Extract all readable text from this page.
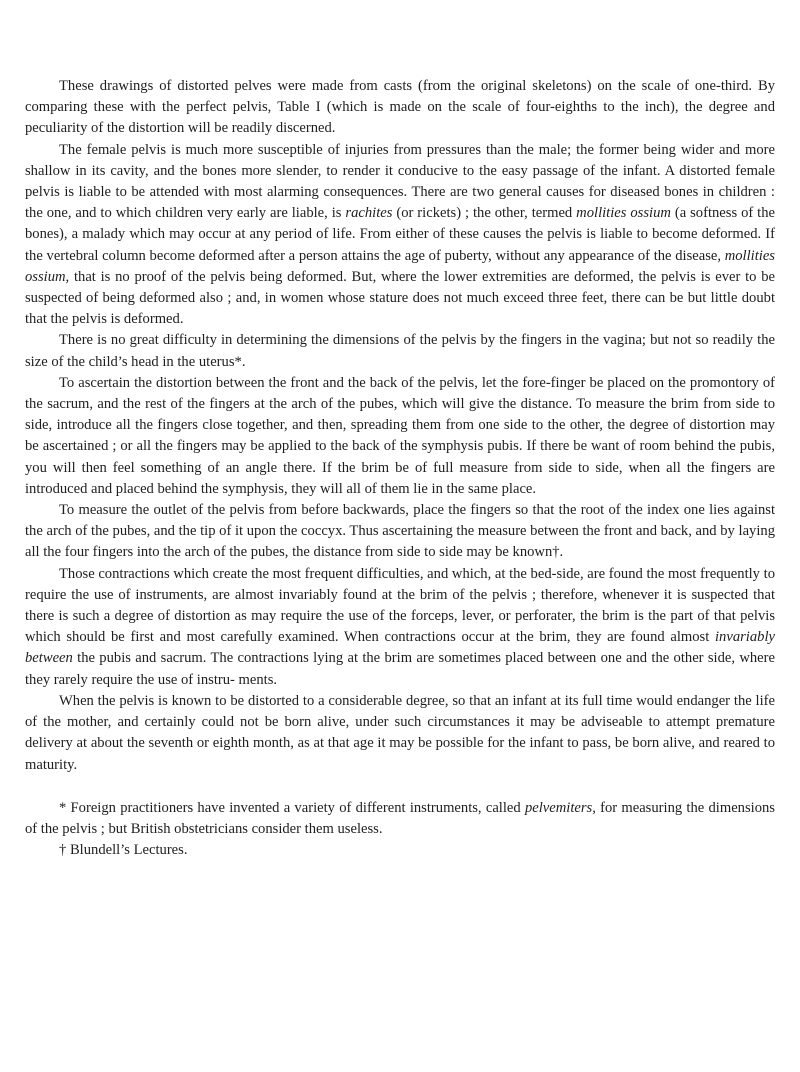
These drawings of distorted pelves were made from casts (from the original skeletons) on the scale of one-third. By comparing these with the perfect pelvis, Table I (which is made on the scale of four-eighths to the inch), the degree and peculiarity of the distortion will be readily discerned.

The female pelvis is much more susceptible of injuries from pressures than the male; the former being wider and more shallow in its cavity, and the bones more slender, to render it conducive to the easy passage of the infant. A distorted female pelvis is liable to be attended with most alarming consequences. There are two general causes for diseased bones in children : the one, and to which children very early are liable, is rachites (or rickets) ; the other, termed mollities ossium (a softness of the bones), a malady which may occur at any period of life. From either of these causes the pelvis is liable to become deformed. If the vertebral column become deformed after a person attains the age of puberty, without any appearance of the disease, mollities ossium, that is no proof of the pelvis being deformed. But, where the lower extremities are deformed, the pelvis is ever to be suspected of being deformed also ; and, in women whose stature does not much exceed three feet, there can be but little doubt that the pelvis is deformed.

There is no great difficulty in determining the dimensions of the pelvis by the fingers in the vagina; but not so readily the size of the child’s head in the uterus*.

To ascertain the distortion between the front and the back of the pelvis, let the fore-finger be placed on the promontory of the sacrum, and the rest of the fingers at the arch of the pubes, which will give the distance. To measure the brim from side to side, introduce all the fingers close together, and then, spreading them from one side to the other, the degree of distortion may be ascertained ; or all the fingers may be applied to the back of the symphysis pubis. If there be want of room behind the pubis, you will then feel something of an angle there. If the brim be of full measure from side to side, when all the fingers are introduced and placed behind the symphysis, they will all of them lie in the same place.

To measure the outlet of the pelvis from before backwards, place the fingers so that the root of the index one lies against the arch of the pubes, and the tip of it upon the coccyx. Thus ascertaining the measure between the front and back, and by laying all the four fingers into the arch of the pubes, the distance from side to side may be known†.

Those contractions which create the most frequent difficulties, and which, at the bed-side, are found the most frequently to require the use of instruments, are almost invariably found at the brim of the pelvis ; therefore, whenever it is suspected that there is such a degree of distortion as may require the use of the forceps, lever, or perforater, the brim is the part of that pelvis which should be first and most carefully examined. When contractions occur at the brim, they are found almost invariably between the pubis and sacrum. The contractions lying at the brim are sometimes placed between one and the other side, where they rarely require the use of instru- ments.

When the pelvis is known to be distorted to a considerable degree, so that an infant at its full time would endanger the life of the mother, and certainly could not be born alive, under such circumstances it may be adviseable to attempt premature delivery at about the seventh or eighth month, as at that age it may be possible for the infant to pass, be born alive, and reared to maturity.

* Foreign practitioners have invented a variety of different instruments, called pelvemiters, for measuring the dimensions of the pelvis ; but British obstetricians consider them useless.

† Blundell’s Lectures.
